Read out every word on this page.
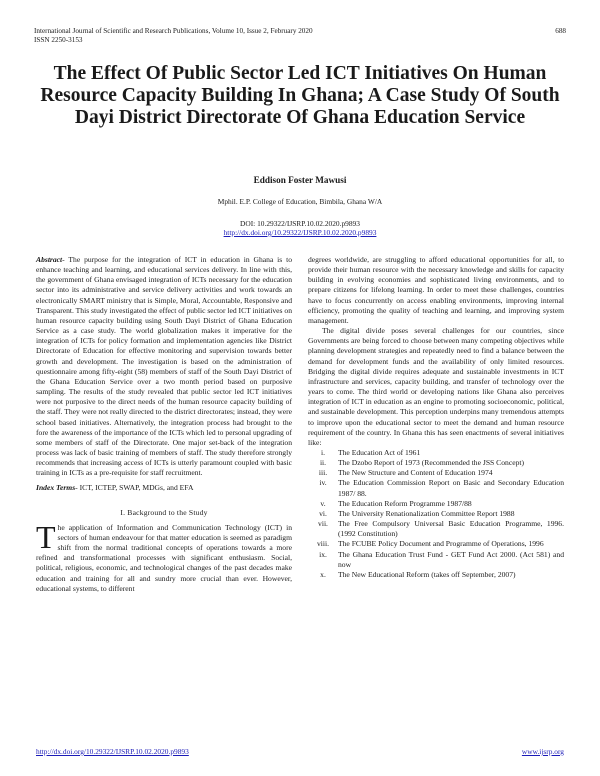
International Journal of Scientific and Research Publications, Volume 10, Issue 2, February 2020
ISSN 2250-3153
688
The Effect Of Public Sector Led ICT Initiatives On Human Resource Capacity Building In Ghana; A Case Study Of South Dayi District Directorate Of Ghana Education Service
Eddison Foster Mawusi
Mphil. E.P. College of Education, Bimbila, Ghana W/A
DOI: 10.29322/IJSRP.10.02.2020.p9893
http://dx.doi.org/10.29322/IJSRP.10.02.2020.p9893

Abstract- The purpose for the integration of ICT in education in Ghana is to enhance teaching and learning, and educational services delivery. In line with this, the government of Ghana envisaged integration of ICTs necessary for the education sector into its administrative and service delivery activities and work towards an electronically SMART ministry that is Simple, Moral, Accountable, Responsive and Transparent. This study investigated the effect of public sector led ICT initiatives on human resource capacity building using South Dayi District of Ghana Education Service as a case study. The world globalization makes it imperative for the integration of ICTs for policy formation and implementation agencies like District Directorate of Education for effective monitoring and supervision towards better growth and development. The investigation is based on the administration of questionnaire among fifty-eight (58) members of staff of the South Dayi District of the Ghana Education Service over a two month period based on purposive sampling. The results of the study revealed that public sector led ICT initiatives were not purposive to the direct needs of the human resource capacity building of the staff. They were not really directed to the district directorates; instead, they were school based initiatives. Alternatively, the integration process had brought to the fore the awareness of the importance of the ICTs which led to personal upgrading of some members of staff of the Directorate. One major set-back of the integration process was lack of basic training of members of staff. The study therefore strongly recommends that increasing access of ICTs is utterly paramount coupled with basic training in ICTs as a pre-requisite for staff recruitment.

Index Terms- ICT, ICTEP, SWAP, MDGs, and EFA

I. Background to the Study

The application of Information and Communication Technology (ICT) in sectors of human endeavour for that matter education is seemed as paradigm shift from the normal traditional concepts of operations towards a more refined and transformational processes with significant enthusiasm. Social, political, religious, economic, and technological changes of the past decades make education and training for all and sundry more crucial than ever. However, educational systems, to different

degrees worldwide, are struggling to afford educational opportunities for all, to provide their human resource with the necessary knowledge and skills for capacity building in evolving economies and sophisticated living environments, and to prepare citizens for lifelong learning. In order to meet these challenges, countries have to focus concurrently on access enabling environments, improving internal efficiency, promoting the quality of teaching and learning, and improving system management.

The digital divide poses several challenges for our countries, since Governments are being forced to choose between many competing objectives while planning development strategies and repeatedly need to find a balance between the demand for development funds and the availability of only limited resources. Bridging the digital divide requires adequate and sustainable investments in ICT infrastructure and services, capacity building, and transfer of technology over the years to come. The third world or developing nations like Ghana also perceives integration of ICT in education as an engine to promoting socioeconomic, political, and sustainable development. This perception underpins many tremendous attempts to improve upon the educational sector to meet the demand and human resource requirement of the country. In Ghana this has seen enactments of several initiatives like:

i.	The Education Act of 1961
ii.	The Dzobo Report of 1973 (Recommended the JSS Concept)
iii.	The New Structure and Content of Education 1974
iv.	The Education Commission Report on Basic and Secondary Education 1987/ 88.
v.	The Education Reform Programme 1987/88
vi.	The University Renationalization Committee Report 1988
vii.	The Free Compulsory Universal Basic Education Programme, 1996. (1992 Constitution)
viii.	The FCUBE Policy Document and Programme of Operations, 1996
ix.	The Ghana Education Trust Fund - GET Fund Act 2000. (Act 581) and now
x.	The New Educational Reform (takes off September, 2007)
http://dx.doi.org/10.29322/IJSRP.10.02.2020.p9893	www.ijsrp.org
